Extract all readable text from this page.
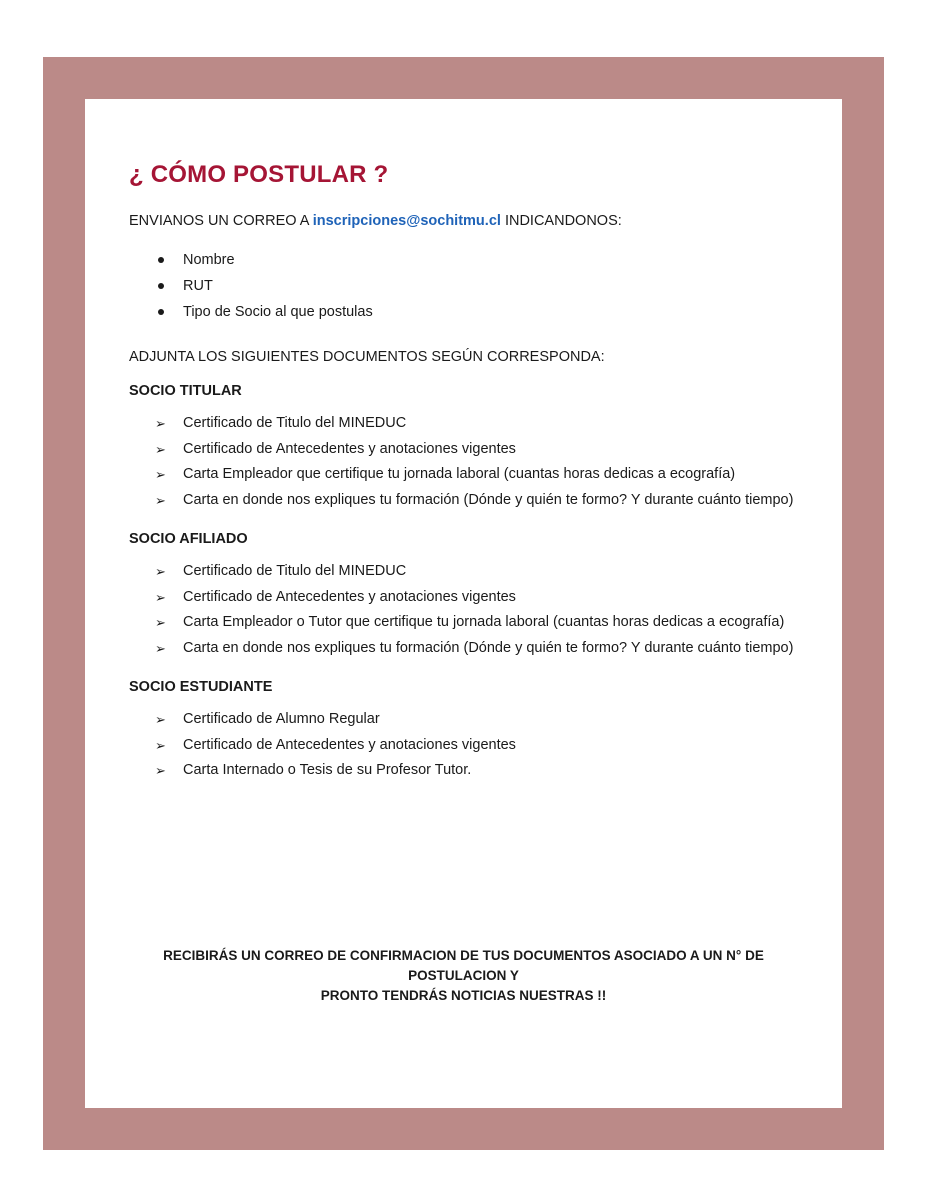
¿ CÓMO POSTULAR ?

ENVIANOS UN CORREO A inscripciones@sochitmu.cl INDICANDONOS:

Nombre
RUT
Tipo de Socio al que postulas

ADJUNTA LOS SIGUIENTES DOCUMENTOS SEGÚN CORRESPONDA:

SOCIO TITULAR

➢ Certificado de Titulo del MINEDUC
➢ Certificado de Antecedentes y anotaciones vigentes
➢ Carta Empleador que certifique tu jornada laboral (cuantas horas dedicas a ecografía)
➢ Carta en donde nos expliques tu formación (Dónde y quién te formo? Y durante cuánto tiempo)

SOCIO AFILIADO

➢ Certificado de Titulo del MINEDUC
➢ Certificado de Antecedentes y anotaciones vigentes
➢ Carta Empleador o Tutor que certifique tu jornada laboral (cuantas horas dedicas a ecografía)
➢ Carta en donde nos expliques tu formación (Dónde y quién te formo? Y durante cuánto tiempo)

SOCIO ESTUDIANTE

➢ Certificado de Alumno Regular
➢ Certificado de Antecedentes y anotaciones vigentes
➢ Carta Internado o Tesis de su Profesor Tutor.
RECIBIRÁS UN CORREO DE CONFIRMACION DE TUS DOCUMENTOS ASOCIADO A UN N° DE POSTULACION Y
PRONTO TENDRÁS NOTICIAS NUESTRAS !!
